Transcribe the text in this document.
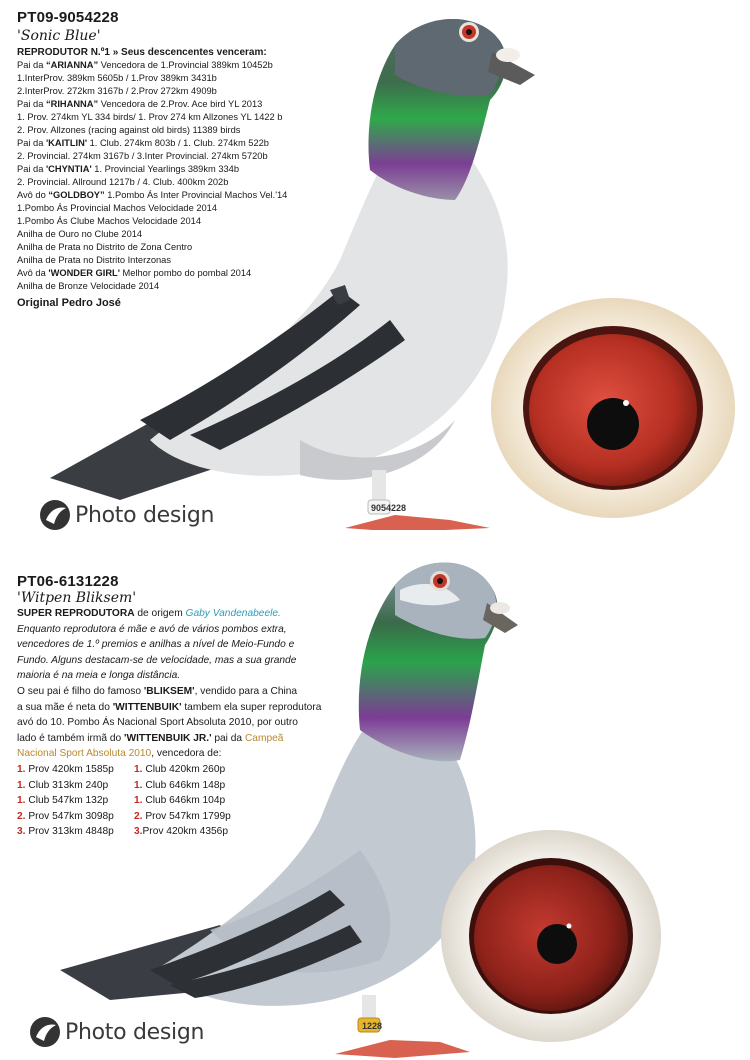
9054228
PT09-9054228
'Sonic Blue'
REPRODUTOR N.º1 » Seus descencentes venceram:
Pai da “ARIANNA” Vencedora de 1.Provincial 389km 10452b
1.InterProv. 389km 5605b / 1.Prov 389km 3431b
2.InterProv. 272km 3167b / 2.Prov 272km 4909b
Pai da “RIHANNA” Vencedora de 2.Prov. Ace bird YL 2013
1. Prov. 274km YL 334 birds/ 1. Prov 274 km Allzones YL 1422 b
2. Prov. Allzones (racing against old birds) 11389 birds
Pai da 'KAITLIN' 1. Club. 274km 803b / 1. Club. 274km 522b
2. Provincial. 274km 3167b / 3.Inter Provincial. 274km 5720b
Pai da 'CHYNTIA' 1. Provincial Yearlings 389km 334b
2. Provincial. Allround 1217b / 4. Club. 400km 202b
Avô do “GOLDBOY” 1.Pombo Ás Inter Provincial Machos Vel.'14
1.Pombo Ás Provincial Machos Velocidade 2014
1.Pombo Ás Clube Machos Velocidade 2014
Anilha de Ouro no Clube 2014
Anilha de Prata no Distrito de Zona Centro
Anilha de Prata no Distrito Interzonas
Avô da 'WONDER GIRL' Melhor pombo do pombal 2014
Anilha de Bronze Velocidade 2014
Original Pedro José
Photo design
1228
PT06-6131228
'Witpen Bliksem'
SUPER REPRODUTORA de origem Gaby Vandenabeele.
Enquanto reprodutora é mãe e avó de vários pombos extra,
vencedores de 1.º premios e anilhas a nível de Meio-Fundo e
Fundo. Alguns destacam-se de velocidade, mas a sua grande
maioria é na meia e longa distância.
O seu pai é filho do famoso 'BLIKSEM', vendido para a China
a sua mãe é neta do 'WITTENBUIK' tambem ela super reprodutora
avó do 10. Pombo Ás Nacional Sport Absoluta 2010, por outro
lado é também irmã do 'WITTENBUIK JR.' pai da Campeã
Nacional Sport Absoluta 2010, vencedora de:
1. Prov 420km 1585p	1. Club 420km 260p
1. Club 313km 240p	1. Club 646km 148p
1. Club 547km 132p	1. Club 646km 104p
2. Prov 547km 3098p	2. Prov 547km 1799p
3. Prov 313km 4848p	3.Prov 420km 4356p
Photo design
